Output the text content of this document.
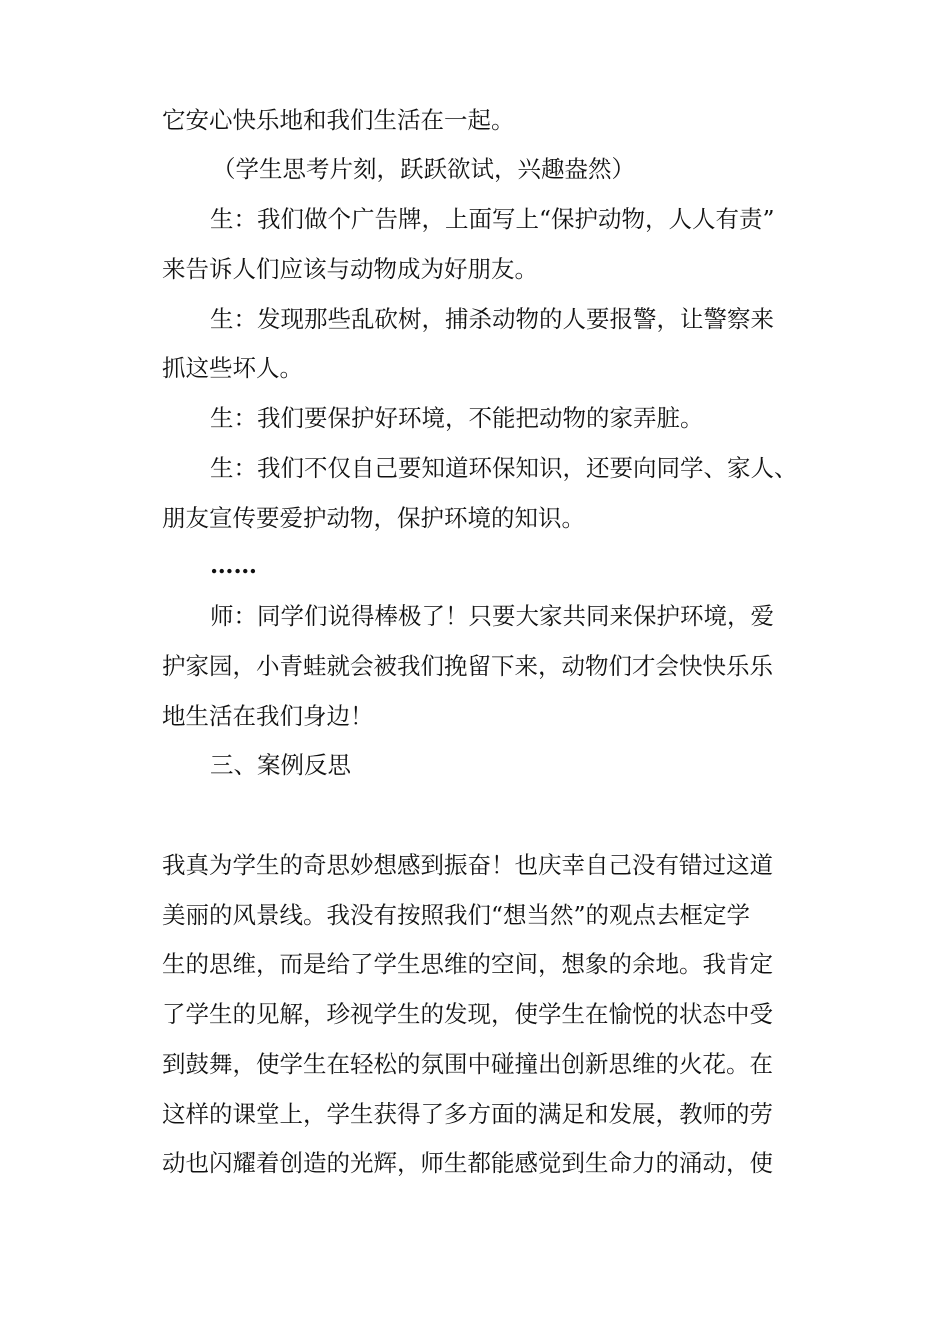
它安心快乐地和我们生活在一起。

（学生思考片刻，跃跃欲试，兴趣盎然）

生：我们做个广告牌，上面写上“保护动物，人人有责”

来告诉人们应该与动物成为好朋友。

生：发现那些乱砍树，捕杀动物的人要报警，让警察来

抓这些坏人。

生：我们要保护好环境，不能把动物的家弄脏。

生：我们不仅自己要知道环保知识，还要向同学、家人、

朋友宣传要爱护动物，保护环境的知识。

……

师：同学们说得棒极了！只要大家共同来保护环境，爱

护家园，小青蛙就会被我们挽留下来，动物们才会快快乐乐

地生活在我们身边！

三、案例反思

我真为学生的奇思妙想感到振奋！也庆幸自己没有错过这道

美丽的风景线。我没有按照我们“想当然”的观点去框定学

生的思维，而是给了学生思维的空间，想象的余地。我肯定

了学生的见解，珍视学生的发现，使学生在愉悦的状态中受

到鼓舞，使学生在轻松的氛围中碰撞出创新思维的火花。在

这样的课堂上，学生获得了多方面的满足和发展，教师的劳

动也闪耀着创造的光辉，师生都能感觉到生命力的涌动，使
